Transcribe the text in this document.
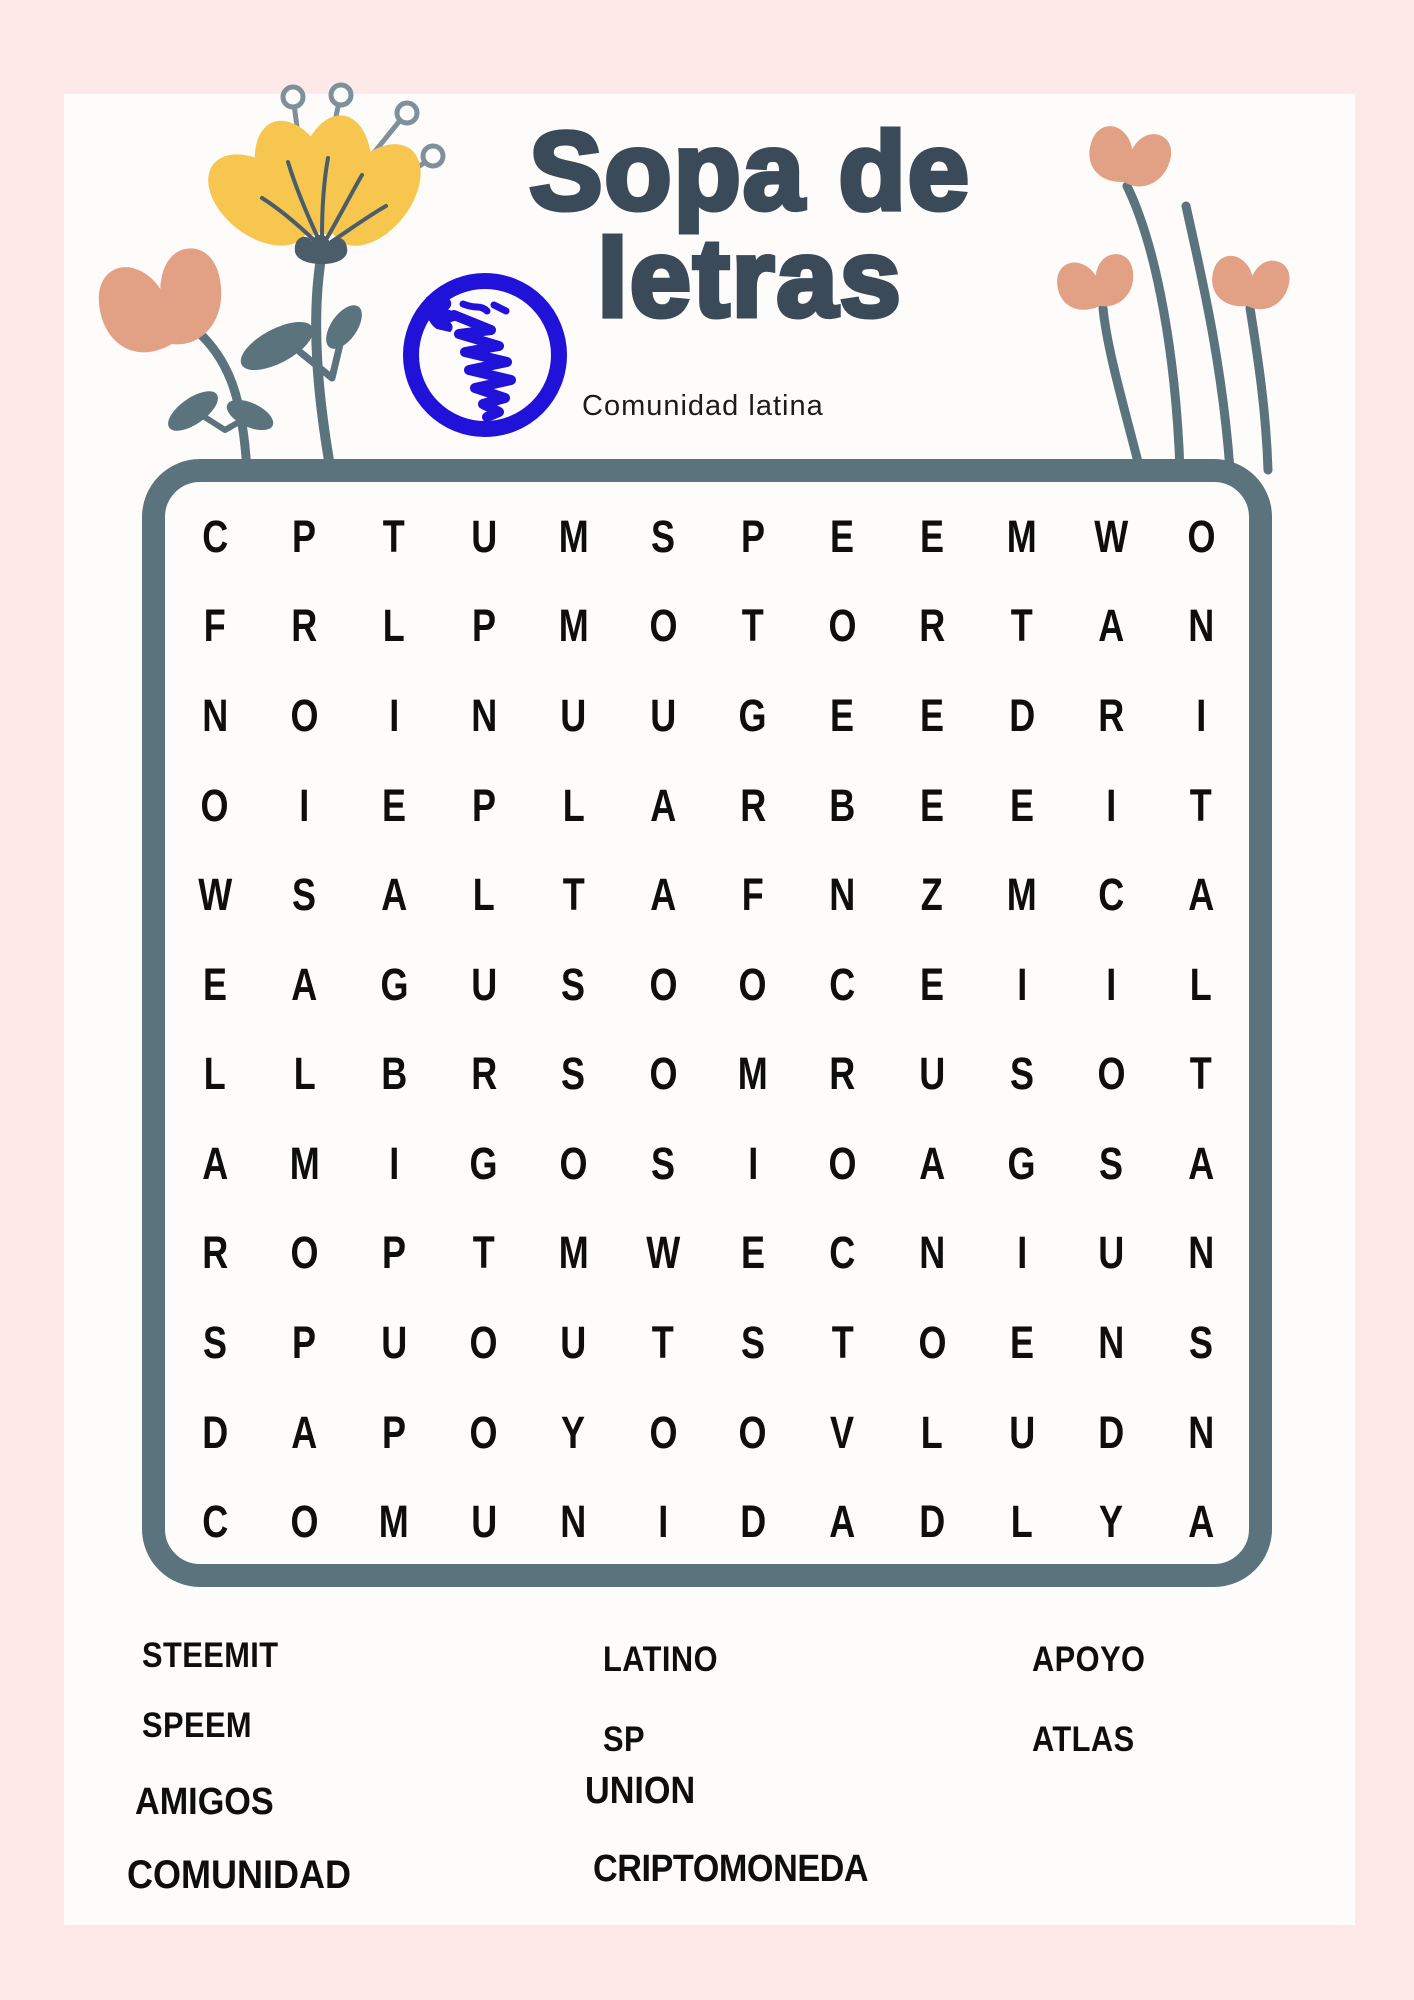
Sopa de
letras
Comunidad latina
C P T U M S P E E M W O
F R L P M O T O R T A N
N O I N U U G E E D R I
O I E P L A R B E E I T
W S A L T A F N Z M C A
E A G U S O O C E I I L
L L B R S O M R U S O T
A M I G O S I O A G S A
R O P T M W E C N I U N
S P U O U T S T O E N S
D A P O Y O O V L U D N
C O M U N I D A D L Y A
STEEMIT
SPEEM
AMIGOS
COMUNIDAD
LATINO
SP
UNION
CRIPTOMONEDA
APOYO
ATLAS
